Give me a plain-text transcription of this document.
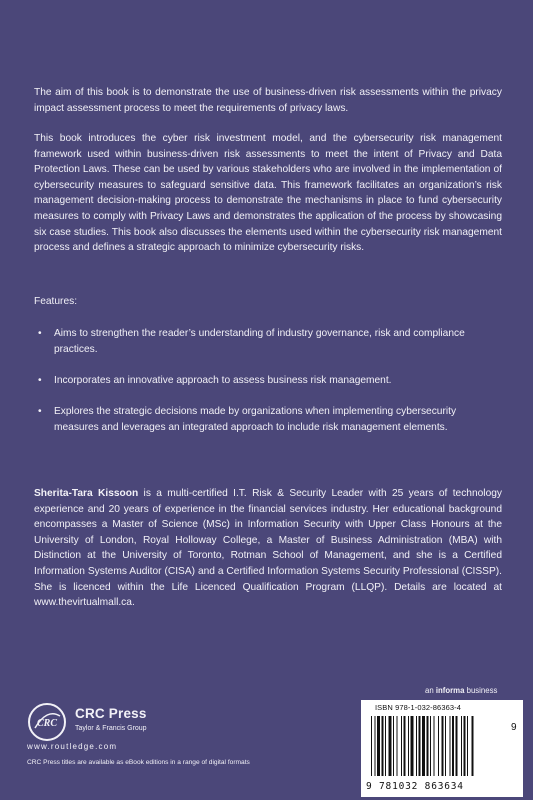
The aim of this book is to demonstrate the use of business-driven risk assessments within the privacy impact assessment process to meet the requirements of privacy laws.

This book introduces the cyber risk investment model, and the cybersecurity risk management framework used within business-driven risk assessments to meet the intent of Privacy and Data Protection Laws. These can be used by various stakeholders who are involved in the implementation of cybersecurity measures to safeguard sensitive data. This framework facilitates an organization’s risk management decision-making process to demonstrate the mechanisms in place to fund cybersecurity measures to comply with Privacy Laws and demonstrates the application of the process by showcasing six case studies. This book also discusses the elements used within the cybersecurity risk management process and defines a strategic approach to minimize cybersecurity risks.

Features:

• Aims to strengthen the reader’s understanding of industry governance, risk and compliance practices.
• Incorporates an innovative approach to assess business risk management.
• Explores the strategic decisions made by organizations when implementing cybersecurity measures and leverages an integrated approach to include risk management elements.

Sherita-Tara Kissoon is a multi-certified I.T. Risk & Security Leader with 25 years of technology experience and 20 years of experience in the financial services industry. Her educational background encompasses a Master of Science (MSc) in Information Security with Upper Class Honours at the University of London, Royal Holloway College, a Master of Business Administration (MBA) with Distinction at the University of Toronto, Rotman School of Management, and she is a Certified Information Systems Auditor (CISA) and a Certified Information Systems Security Professional (CISSP). She is licenced within the Life Licenced Qualification Program (LLQP). Details are located at www.thevirtualmall.ca.

an informa business
CRC
CRC Press
Taylor & Francis Group
www.routledge.com
CRC Press titles are available as eBook editions in a range of digital formats
ISBN 978-1-032-86363-4
9
9 781032 863634
